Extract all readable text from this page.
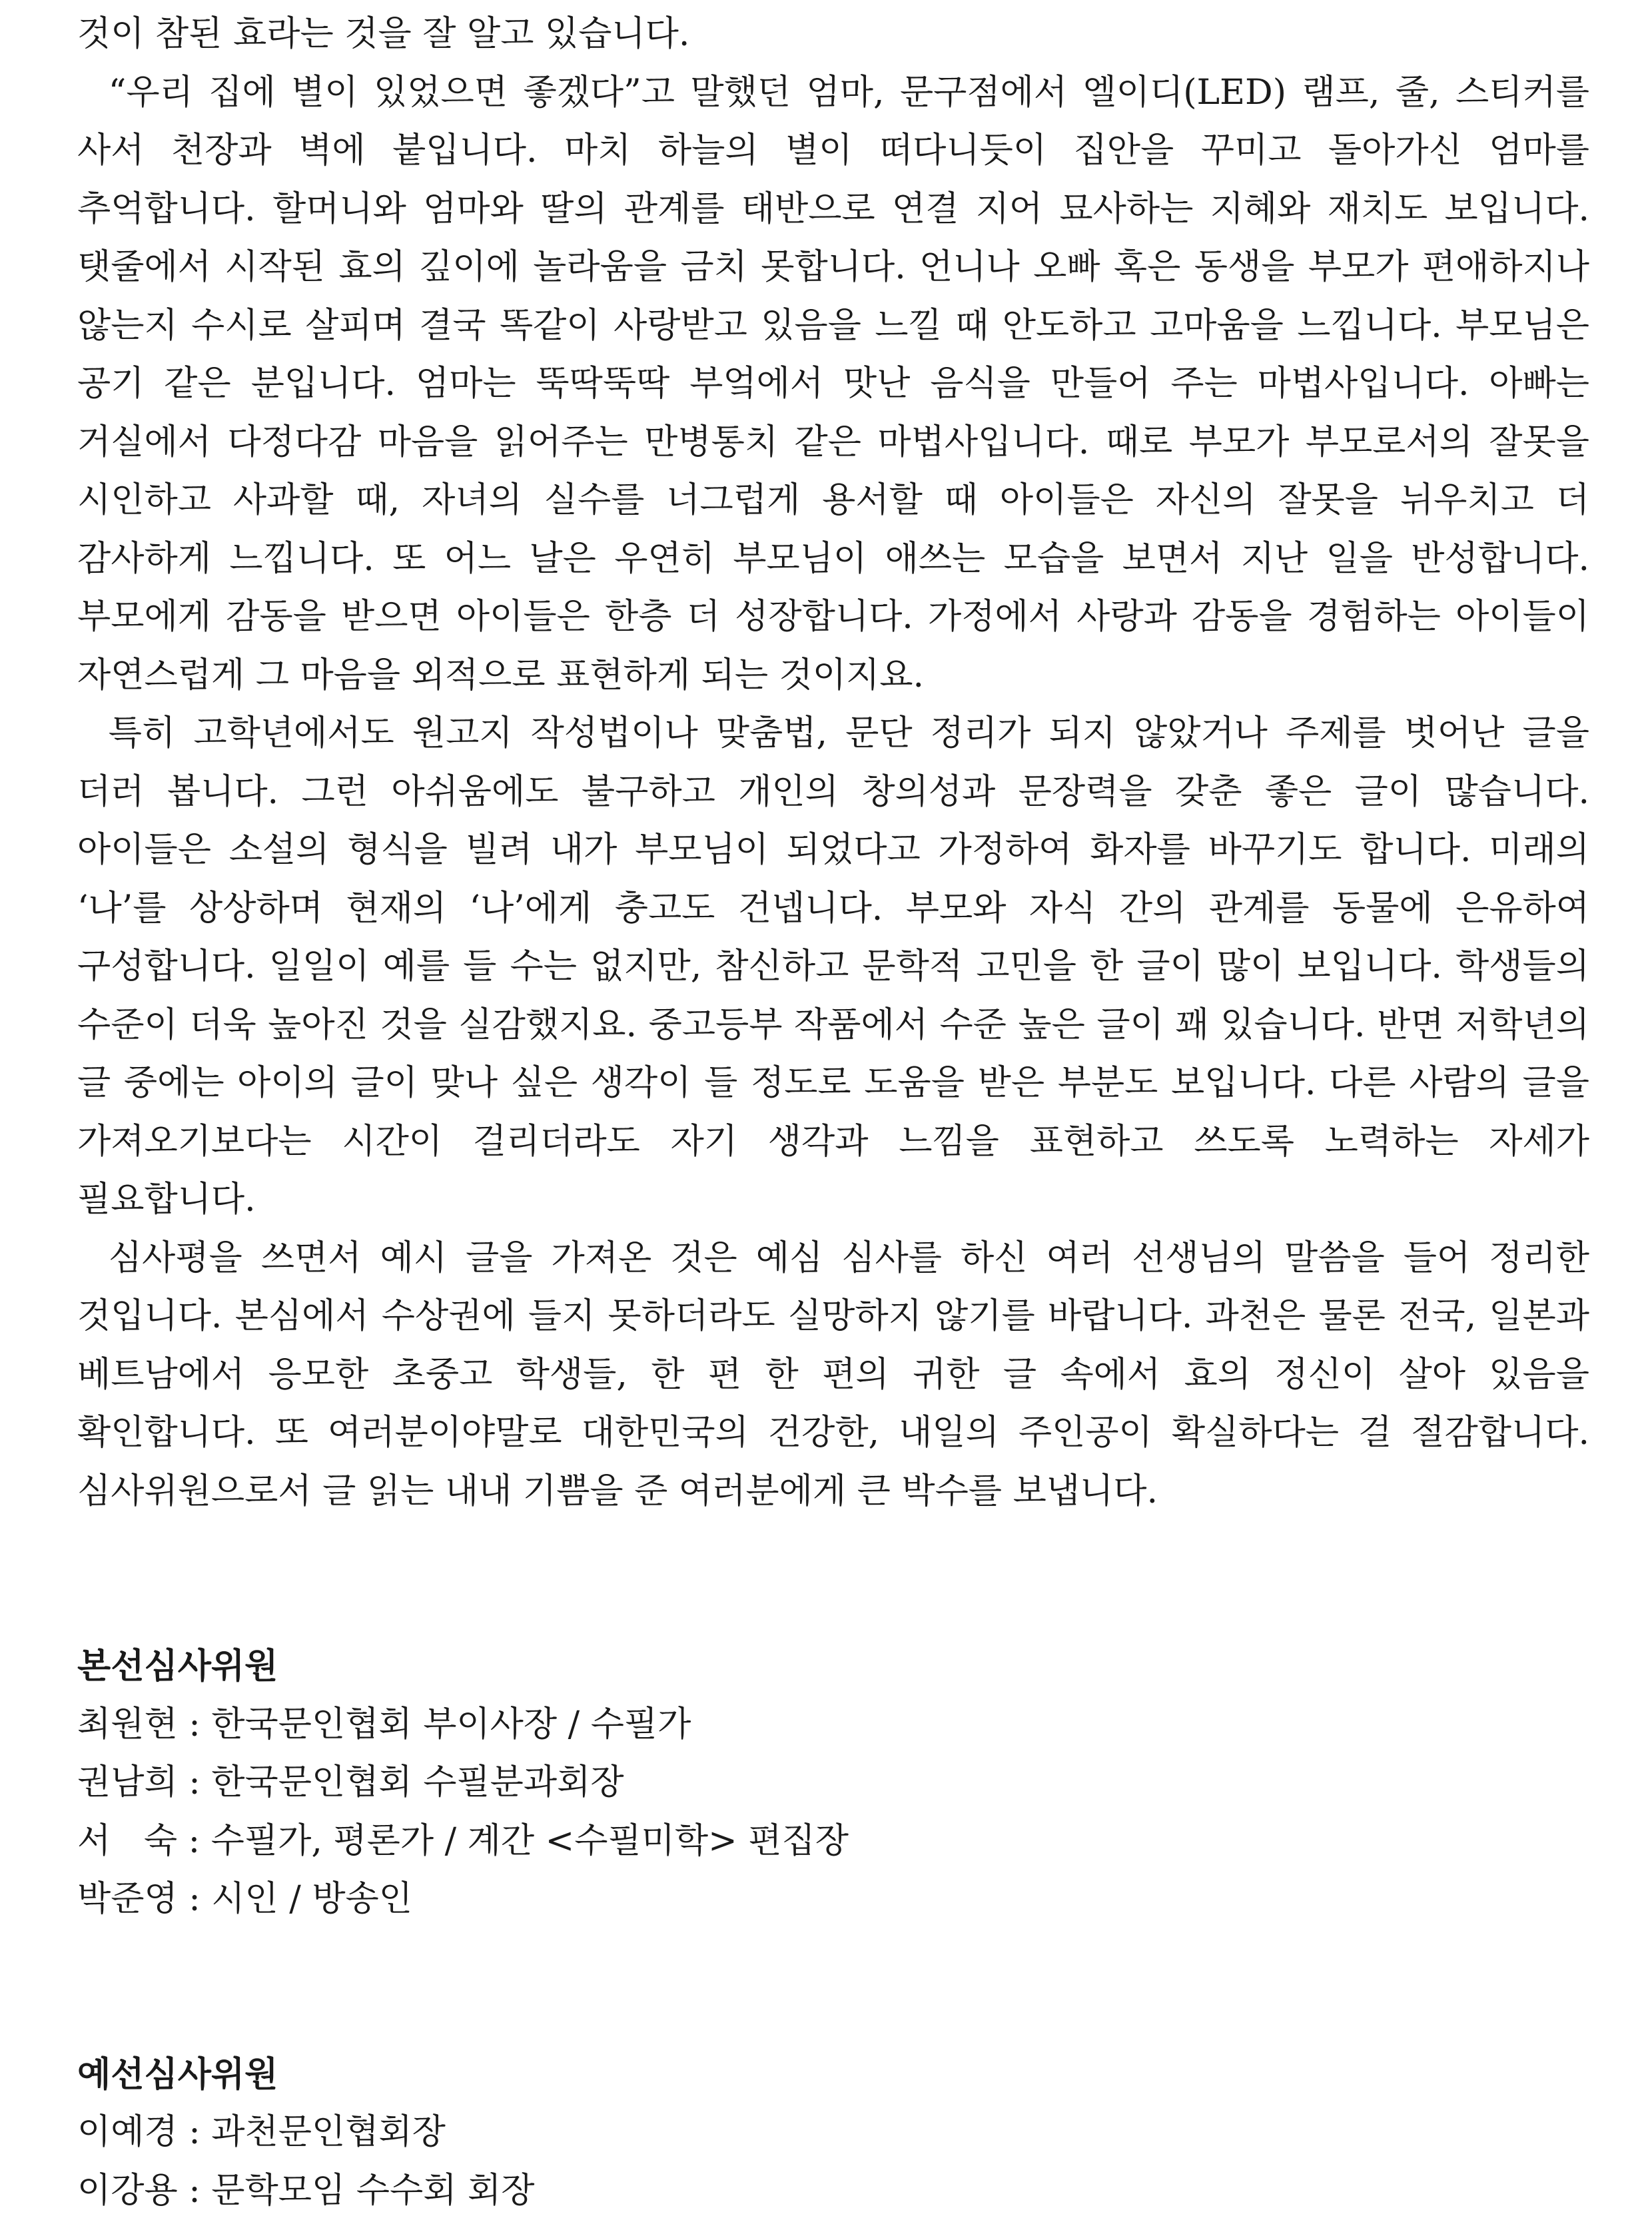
것이 참된 효라는 것을 잘 알고 있습니다.

“우리 집에 별이 있었으면 좋겠다”고 말했던 엄마, 문구점에서 엘이디(LED) 램프, 줄, 스티커를 사서 천장과 벽에 붙입니다. 마치 하늘의 별이 떠다니듯이 집안을 꾸미고 돌아가신 엄마를 추억합니다. 할머니와 엄마와 딸의 관계를 태반으로 연결 지어 묘사하는 지혜와 재치도 보입니다. 탯줄에서 시작된 효의 깊이에 놀라움을 금치 못합니다. 언니나 오빠 혹은 동생을 부모가 편애하지나 않는지 수시로 살피며 결국 똑같이 사랑받고 있음을 느낄 때 안도하고 고마움을 느낍니다. 부모님은 공기 같은 분입니다. 엄마는 뚝딱뚝딱 부엌에서 맛난 음식을 만들어 주는 마법사입니다. 아빠는 거실에서 다정다감 마음을 읽어주는 만병통치 같은 마법사입니다. 때로 부모가 부모로서의 잘못을 시인하고 사과할 때, 자녀의 실수를 너그럽게 용서할 때 아이들은 자신의 잘못을 뉘우치고 더 감사하게 느낍니다. 또 어느 날은 우연히 부모님이 애쓰는 모습을 보면서 지난 일을 반성합니다. 부모에게 감동을 받으면 아이들은 한층 더 성장합니다. 가정에서 사랑과 감동을 경험하는 아이들이 자연스럽게 그 마음을 외적으로 표현하게 되는 것이지요.

특히 고학년에서도 원고지 작성법이나 맞춤법, 문단 정리가 되지 않았거나 주제를 벗어난 글을 더러 봅니다. 그런 아쉬움에도 불구하고 개인의 창의성과 문장력을 갖춘 좋은 글이 많습니다. 아이들은 소설의 형식을 빌려 내가 부모님이 되었다고 가정하여 화자를 바꾸기도 합니다. 미래의 ‘나’를 상상하며 현재의 ‘나’에게 충고도 건넵니다. 부모와 자식 간의 관계를 동물에 은유하여 구성합니다. 일일이 예를 들 수는 없지만, 참신하고 문학적 고민을 한 글이 많이 보입니다. 학생들의 수준이 더욱 높아진 것을 실감했지요. 중고등부 작품에서 수준 높은 글이 꽤 있습니다. 반면 저학년의 글 중에는 아이의 글이 맞나 싶은 생각이 들 정도로 도움을 받은 부분도 보입니다. 다른 사람의 글을 가져오기보다는 시간이 걸리더라도 자기 생각과 느낌을 표현하고 쓰도록 노력하는 자세가 필요합니다.

심사평을 쓰면서 예시 글을 가져온 것은 예심 심사를 하신 여러 선생님의 말씀을 들어 정리한 것입니다. 본심에서 수상권에 들지 못하더라도 실망하지 않기를 바랍니다. 과천은 물론 전국, 일본과 베트남에서 응모한 초중고 학생들, 한 편 한 편의 귀한 글 속에서 효의 정신이 살아 있음을 확인합니다. 또 여러분이야말로 대한민국의 건강한, 내일의 주인공이 확실하다는 걸 절감합니다. 심사위원으로서 글 읽는 내내 기쁨을 준 여러분에게 큰 박수를 보냅니다.

본선심사위원

최원현 : 한국문인협회 부이사장 / 수필가

권남희 : 한국문인협회 수필분과회장

서   숙 : 수필가, 평론가 / 계간 <수필미학> 편집장

박준영 : 시인 / 방송인

예선심사위원

이예경 : 과천문인협회장

이강용 : 문학모임 수수회 회장
